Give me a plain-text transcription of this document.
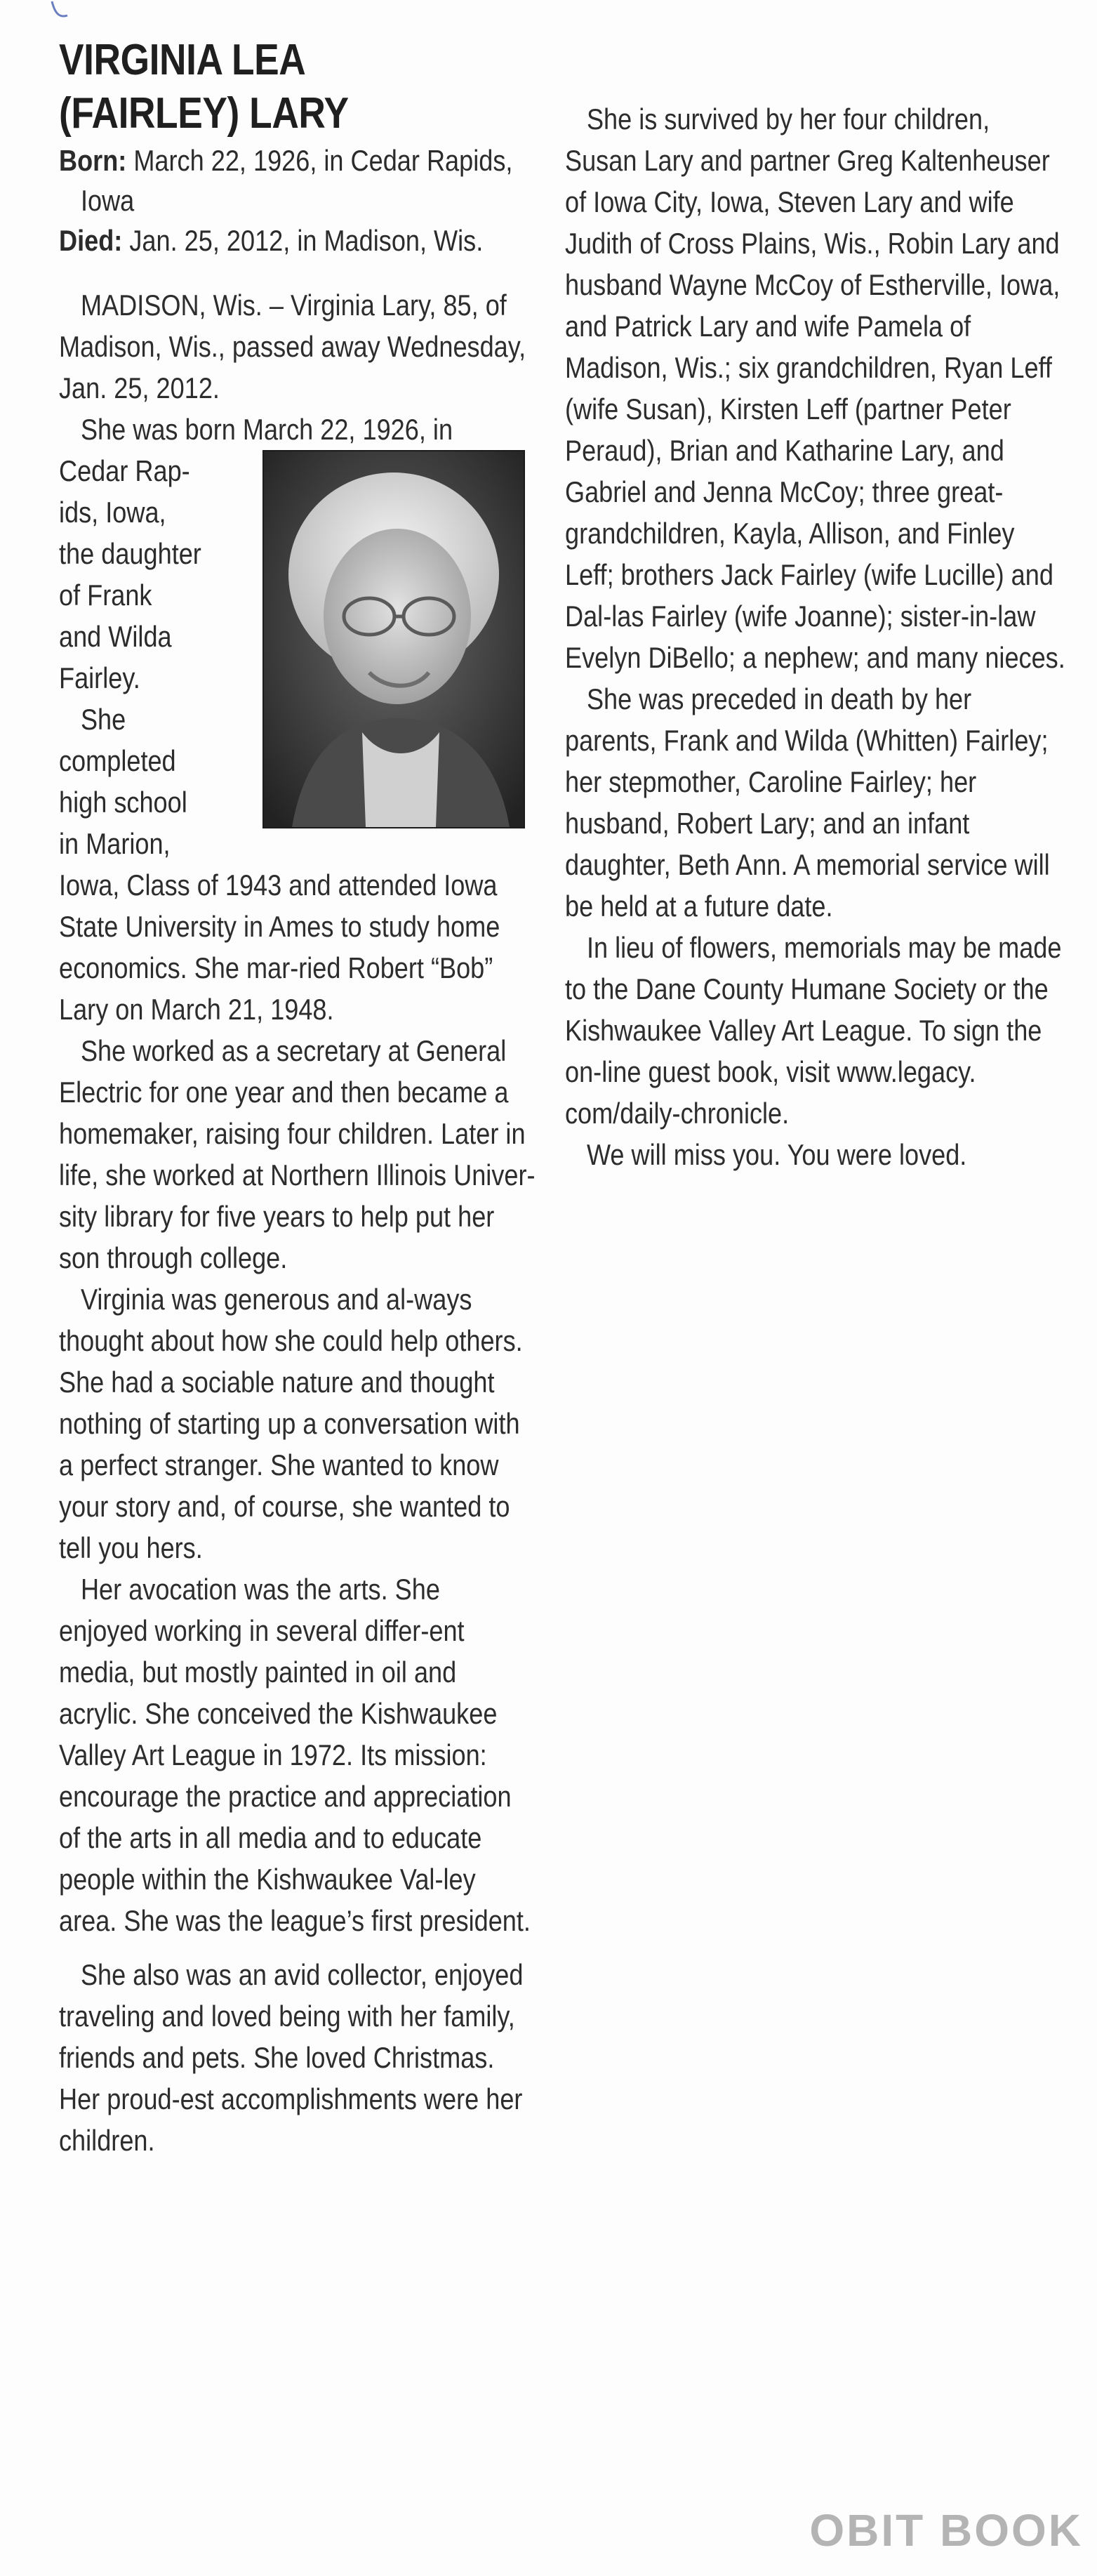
VIRGINIA LEA
(FAIRLEY) LARY

Born: March 22, 1926, in Cedar Rapids, Iowa

Died: Jan. 25, 2012, in Madison, Wis.

MADISON, Wis. – Virginia Lary, 85, of Madison, Wis., passed away Wednesday, Jan. 25, 2012.

She was born March 22, 1926, in

Cedar Rap-
ids, Iowa,
the daughter
of Frank
and Wilda
Fairley.

She
completed
high school
in Marion,

Iowa, Class of 1943 and attended Iowa State University in Ames to study home economics. She mar-ried Robert “Bob” Lary on March 21, 1948.

She worked as a secretary at General Electric for one year and then became a homemaker, raising four children. Later in life, she worked at Northern Illinois Univer-sity library for five years to help put her son through college.

Virginia was generous and al-ways thought about how she could help others. She had a sociable nature and thought nothing of starting up a conversation with a perfect stranger. She wanted to know your story and, of course, she wanted to tell you hers.

Her avocation was the arts. She enjoyed working in several differ-ent media, but mostly painted in oil and acrylic. She conceived the Kishwaukee Valley Art League in 1972. Its mission: encourage the practice and appreciation of the arts in all media and to educate people within the Kishwaukee Val-ley area. She was the league’s first president.

She also was an avid collector, enjoyed traveling and loved being with her family, friends and pets. She loved Christmas. Her proud-est accomplishments were her children.

She is survived by her four children, Susan Lary and partner Greg Kaltenheuser of Iowa City, Iowa, Steven Lary and wife Judith of Cross Plains, Wis., Robin Lary and husband Wayne McCoy of Estherville, Iowa, and Patrick Lary and wife Pamela of Madison, Wis.; six grandchildren, Ryan Leff (wife Susan), Kirsten Leff (partner Peter Peraud), Brian and Katharine Lary, and Gabriel and Jenna McCoy; three great-grandchildren, Kayla, Allison, and Finley Leff; brothers Jack Fairley (wife Lucille) and Dal-las Fairley (wife Joanne); sister-in-law Evelyn DiBello; a nephew; and many nieces.

She was preceded in death by her parents, Frank and Wilda (Whitten) Fairley; her stepmother, Caroline Fairley; her husband, Robert Lary; and an infant daughter, Beth Ann. A memorial service will be held at a future date.

In lieu of flowers, memorials may be made to the Dane County Humane Society or the Kishwaukee Valley Art League. To sign the on-line guest book, visit www.legacy. com/daily-chronicle.

We will miss you. You were loved.

OBIT BOOK
